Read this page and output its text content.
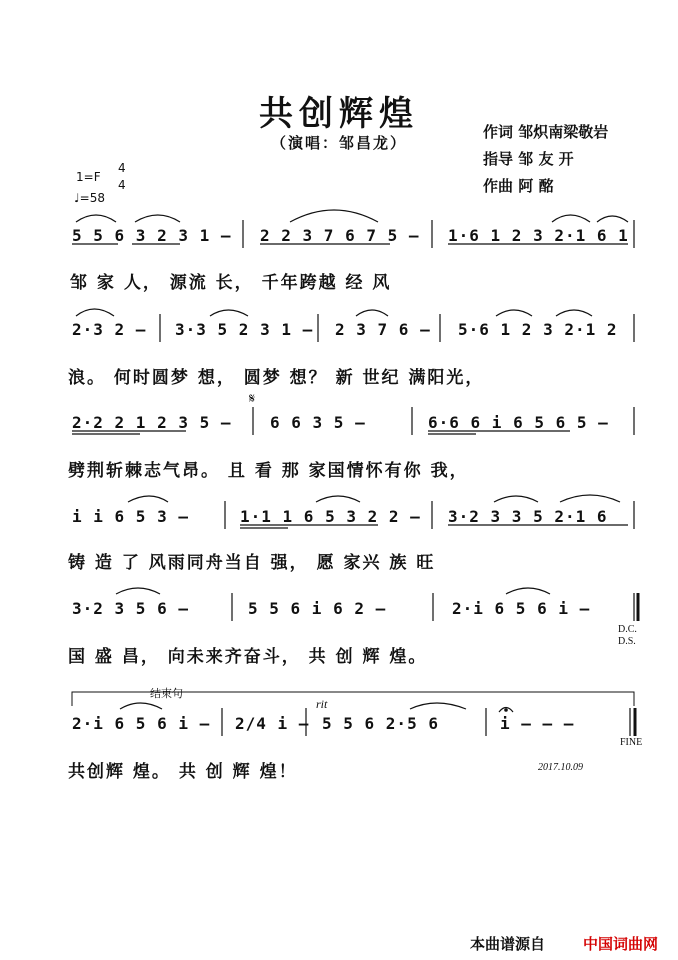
共创辉煌
（演唱：邹昌龙）
作词 邹炽南梁敬岩
指导 邹 友 开
作曲 阿 酩
1=F
4
4
♩=58
5 5 6 3 2 3 1 – 2 2 3 7 6 7 5 – 1·6 1 2 3 2·1 6 1
邹 家 人， 源流 长， 千年跨越 经 风
2·3 2 – 3·3 5 2 3 1 – 2 3 7 6 – 5·6 1 2 3 2·1 2
浪。 何时圆梦 想， 圆梦 想？ 新 世纪 满阳光，
𝄋
2·2 2 1 2 3 5 – 6 6 3 5 –	6·6 6 i 6 5 6 5 –
劈荆斩棘志气昂。 且 看 那 家国情怀有你 我，
i i 6 5 3 –	1·1 1 6 5 3 2 2 – 3·2 3 3 5 2·1 6
铸 造 了 风雨同舟当自 强， 愿 家兴 族 旺
3·2 3 5 6 –	5 5 6 i 6 2 –	2·i 6 5 6 i –
D.C.
D.S.
国 盛 昌， 向未来齐奋斗， 共 创 辉 煌。
结束句
rit
2·i 6 5 6 i – 2/4 i – 5 5 6 2·5 6	i – – –
FINE
共创辉 煌。 共 创 辉 煌！	2017.10.09
本曲谱源自	中国词曲网
